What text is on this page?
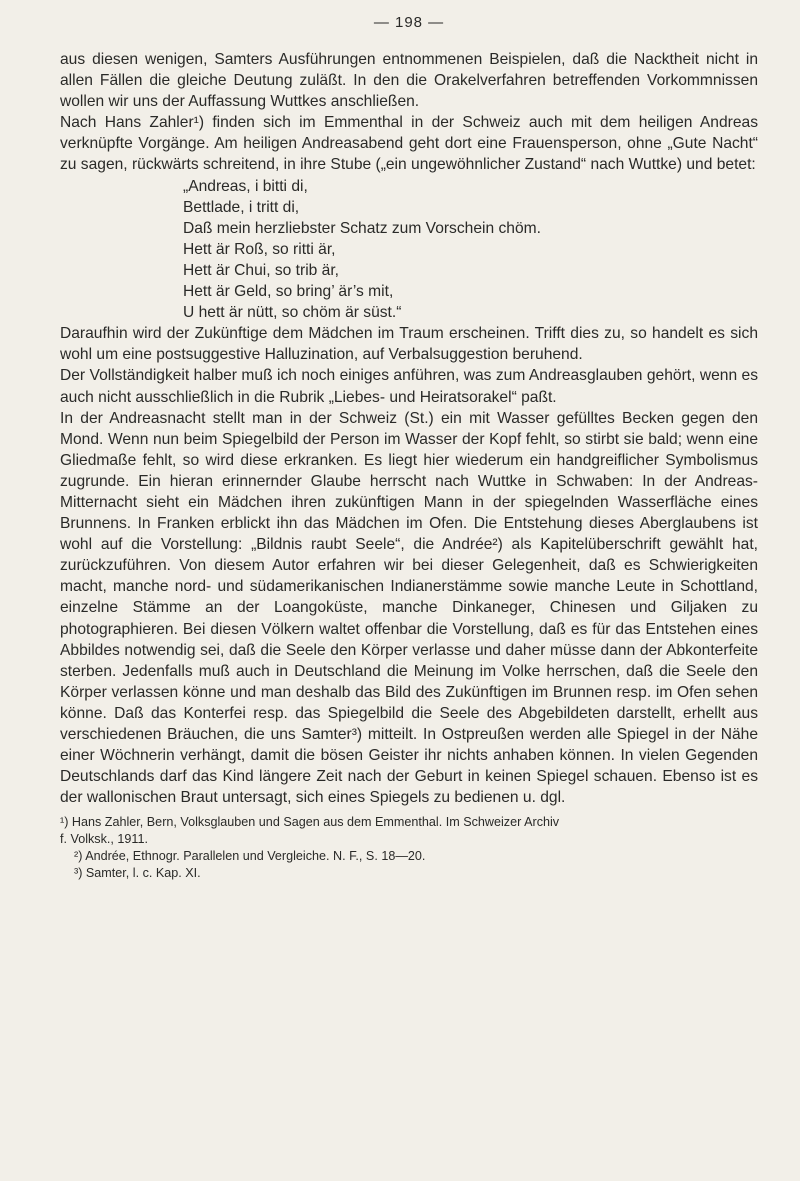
— 198 —

aus diesen wenigen, Samters Ausführungen entnommenen Beispielen, daß die Nacktheit nicht in allen Fällen die gleiche Deutung zuläßt. In den die Orakelverfahren betreffenden Vorkommnissen wollen wir uns der Auffassung Wuttkes anschließen.

Nach Hans Zahler¹) finden sich im Emmenthal in der Schweiz auch mit dem heiligen Andreas verknüpfte Vorgänge. Am heiligen Andreasabend geht dort eine Frauensperson, ohne „Gute Nacht“ zu sagen, rückwärts schreitend, in ihre Stube („ein ungewöhnlicher Zustand“ nach Wuttke) und betet:

„Andreas, i bitti di,
Bettlade, i tritt di,
Daß mein herzliebster Schatz zum Vorschein chöm.
Hett är Roß, so ritti är,
Hett är Chui, so trib är,
Hett är Geld, so bring’ är’s mit,
U hett är nütt, so chöm är süst.“

Daraufhin wird der Zukünftige dem Mädchen im Traum erscheinen. Trifft dies zu, so handelt es sich wohl um eine postsuggestive Halluzination, auf Verbalsuggestion beruhend.

Der Vollständigkeit halber muß ich noch einiges anführen, was zum Andreasglauben gehört, wenn es auch nicht ausschließlich in die Rubrik „Liebes- und Heiratsorakel“ paßt.

In der Andreasnacht stellt man in der Schweiz (St.) ein mit Wasser gefülltes Becken gegen den Mond. Wenn nun beim Spiegelbild der Person im Wasser der Kopf fehlt, so stirbt sie bald; wenn eine Gliedmaße fehlt, so wird diese erkranken. Es liegt hier wiederum ein handgreiflicher Symbolismus zugrunde. Ein hieran erinnernder Glaube herrscht nach Wuttke in Schwaben: In der Andreas-Mitternacht sieht ein Mädchen ihren zukünftigen Mann in der spiegelnden Wasserfläche eines Brunnens. In Franken erblickt ihn das Mädchen im Ofen. Die Entstehung dieses Aberglaubens ist wohl auf die Vorstellung: „Bildnis raubt Seele“, die Andrée²) als Kapitelüberschrift gewählt hat, zurückzuführen. Von diesem Autor erfahren wir bei dieser Gelegenheit, daß es Schwierigkeiten macht, manche nord- und südamerikanischen Indianerstämme sowie manche Leute in Schottland, einzelne Stämme an der Loangoküste, manche Dinkaneger, Chinesen und Giljaken zu photographieren. Bei diesen Völkern waltet offenbar die Vorstellung, daß es für das Entstehen eines Abbildes notwendig sei, daß die Seele den Körper verlasse und daher müsse dann der Abkonterfeite sterben. Jedenfalls muß auch in Deutschland die Meinung im Volke herrschen, daß die Seele den Körper verlassen könne und man deshalb das Bild des Zukünftigen im Brunnen resp. im Ofen sehen könne. Daß das Konterfei resp. das Spiegelbild die Seele des Abgebildeten darstellt, erhellt aus verschiedenen Bräuchen, die uns Samter³) mitteilt. In Ostpreußen werden alle Spiegel in der Nähe einer Wöchnerin verhängt, damit die bösen Geister ihr nichts anhaben können. In vielen Gegenden Deutschlands darf das Kind längere Zeit nach der Geburt in keinen Spiegel schauen. Ebenso ist es der wallonischen Braut untersagt, sich eines Spiegels zu bedienen u. dgl.

¹) Hans Zahler, Bern, Volksglauben und Sagen aus dem Emmenthal. Im Schweizer Archiv
f. Volksk., 1911.
²) Andrée, Ethnogr. Parallelen und Vergleiche. N. F., S. 18—20.
³) Samter, l. c. Kap. XI.
